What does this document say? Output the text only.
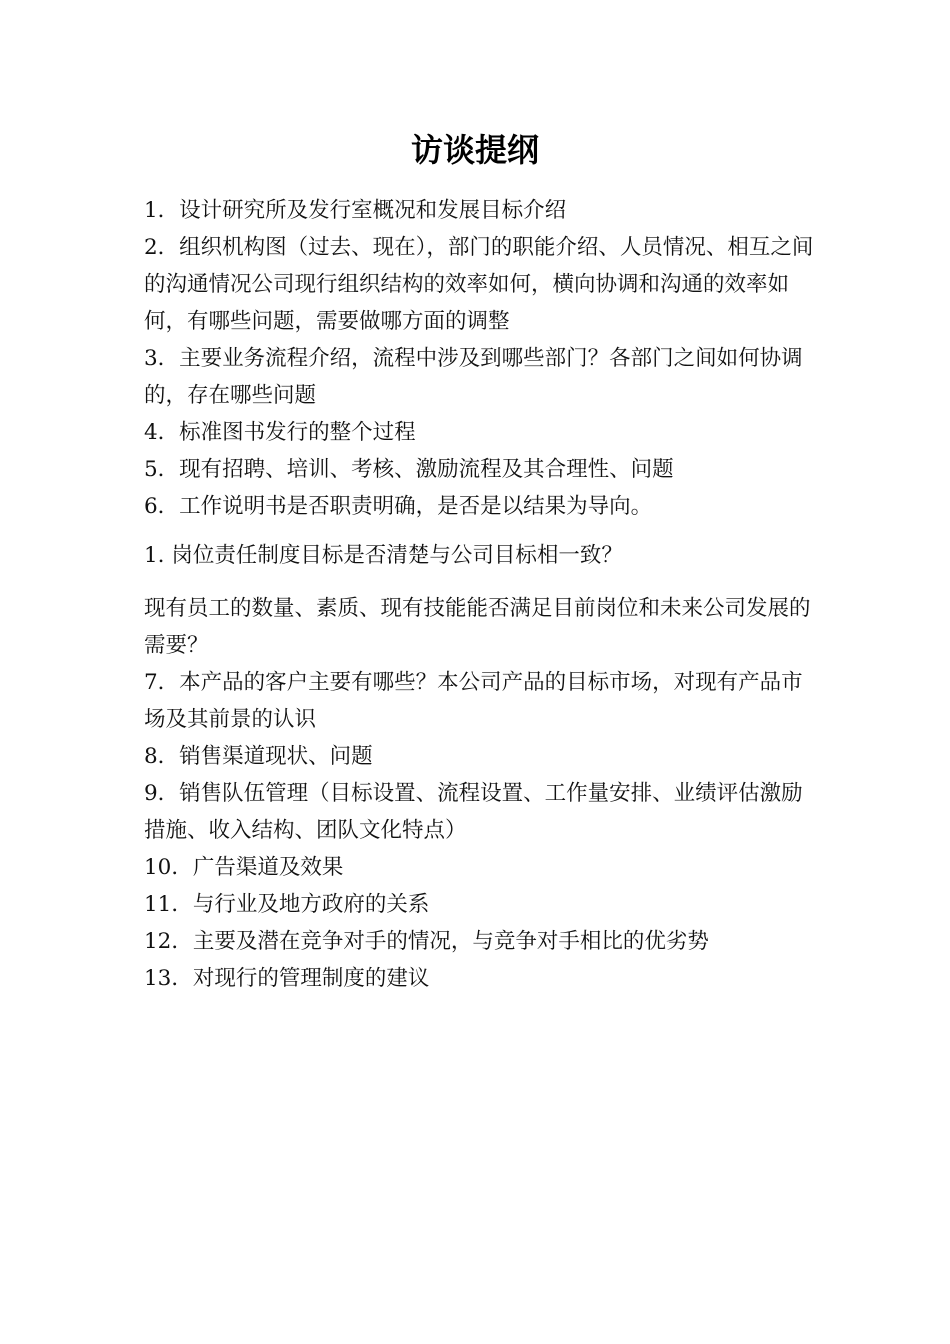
访谈提纲

1．设计研究所及发行室概况和发展目标介绍

2．组织机构图（过去、现在），部门的职能介绍、人员情况、相互之间的沟通情况公司现行组织结构的效率如何，横向协调和沟通的效率如何，有哪些问题，需要做哪方面的调整

3．主要业务流程介绍，流程中涉及到哪些部门？各部门之间如何协调的，存在哪些问题

4．标准图书发行的整个过程

5．现有招聘、培训、考核、激励流程及其合理性、问题

6．工作说明书是否职责明确，是否是以结果为导向。

1. 岗位责任制度目标是否清楚与公司目标相一致？

现有员工的数量、素质、现有技能能否满足目前岗位和未来公司发展的需要？

7．本产品的客户主要有哪些？本公司产品的目标市场，对现有产品市场及其前景的认识

8．销售渠道现状、问题

9．销售队伍管理（目标设置、流程设置、工作量安排、业绩评估激励措施、收入结构、团队文化特点）

10．广告渠道及效果

11．与行业及地方政府的关系

12．主要及潜在竞争对手的情况，与竞争对手相比的优劣势

13．对现行的管理制度的建议
